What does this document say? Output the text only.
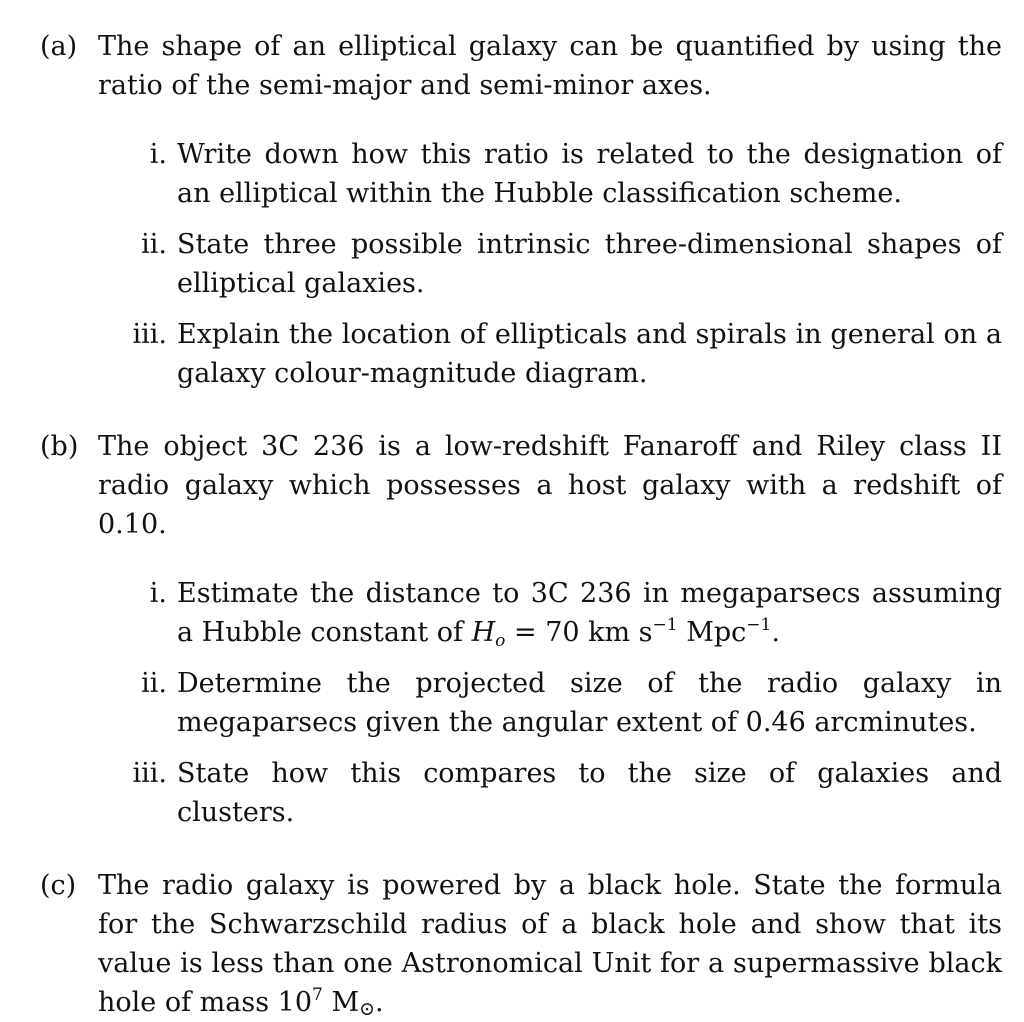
(a) The shape of an elliptical galaxy can be quantified by using the ratio of the semi-major and semi-minor axes.

i. Write down how this ratio is related to the designation of an elliptical within the Hubble classification scheme.

ii. State three possible intrinsic three-dimensional shapes of elliptical galaxies.

iii. Explain the location of ellipticals and spirals in general on a galaxy colour-magnitude diagram.

(b) The object 3C 236 is a low-redshift Fanaroff and Riley class II radio galaxy which possesses a host galaxy with a redshift of 0.10.

i. Estimate the distance to 3C 236 in megaparsecs assuming a Hubble constant of $H_o = 70$ km $s^{-1}$ Mpc$^{-1}$.

ii. Determine the projected size of the radio galaxy in megaparsecs given the angular extent of 0.46 arcminutes.

iii. State how this compares to the size of galaxies and clusters.

(c) The radio galaxy is powered by a black hole. State the formula for the Schwarzschild radius of a black hole and show that its value is less than one Astronomical Unit for a supermassive black hole of mass $10^7$ $M_⊙$.
